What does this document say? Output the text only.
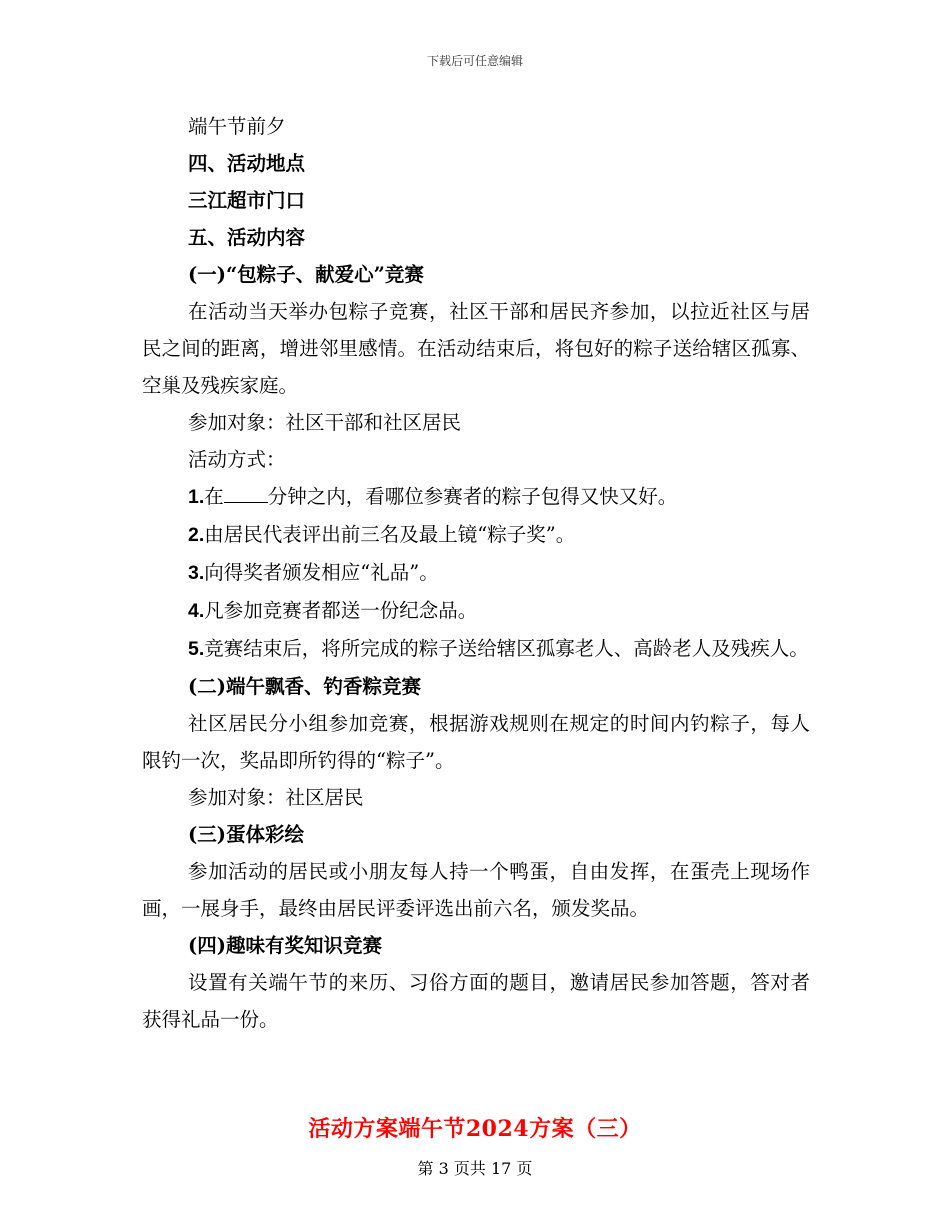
下载后可任意编辑
端午节前夕
四、活动地点
三江超市门口
五、活动内容
(一)“包粽子、献爱心”竞赛
在活动当天举办包粽子竞赛，社区干部和居民齐参加，以拉近社区与居民之间的距离，增进邻里感情。在活动结束后，将包好的粽子送给辖区孤寡、空巢及残疾家庭。
参加对象：社区干部和社区居民
活动方式：
1.在 分钟之内，看哪位参赛者的粽子包得又快又好。
2.由居民代表评出前三名及最上镜“粽子奖”。
3.向得奖者颁发相应“礼品”。
4.凡参加竞赛者都送一份纪念品。
5.竞赛结束后，将所完成的粽子送给辖区孤寡老人、高龄老人及残疾人。
(二)端午飘香、钓香粽竞赛
社区居民分小组参加竞赛，根据游戏规则在规定的时间内钓粽子，每人限钓一次，奖品即所钓得的“粽子”。
参加对象：社区居民
(三)蛋体彩绘
参加活动的居民或小朋友每人持一个鸭蛋，自由发挥，在蛋壳上现场作画，一展身手，最终由居民评委评选出前六名，颁发奖品。
(四)趣味有奖知识竞赛
设置有关端午节的来历、习俗方面的题目，邀请居民参加答题，答对者获得礼品一份。
活动方案端午节2024方案（三）
第 3 页共 17 页
